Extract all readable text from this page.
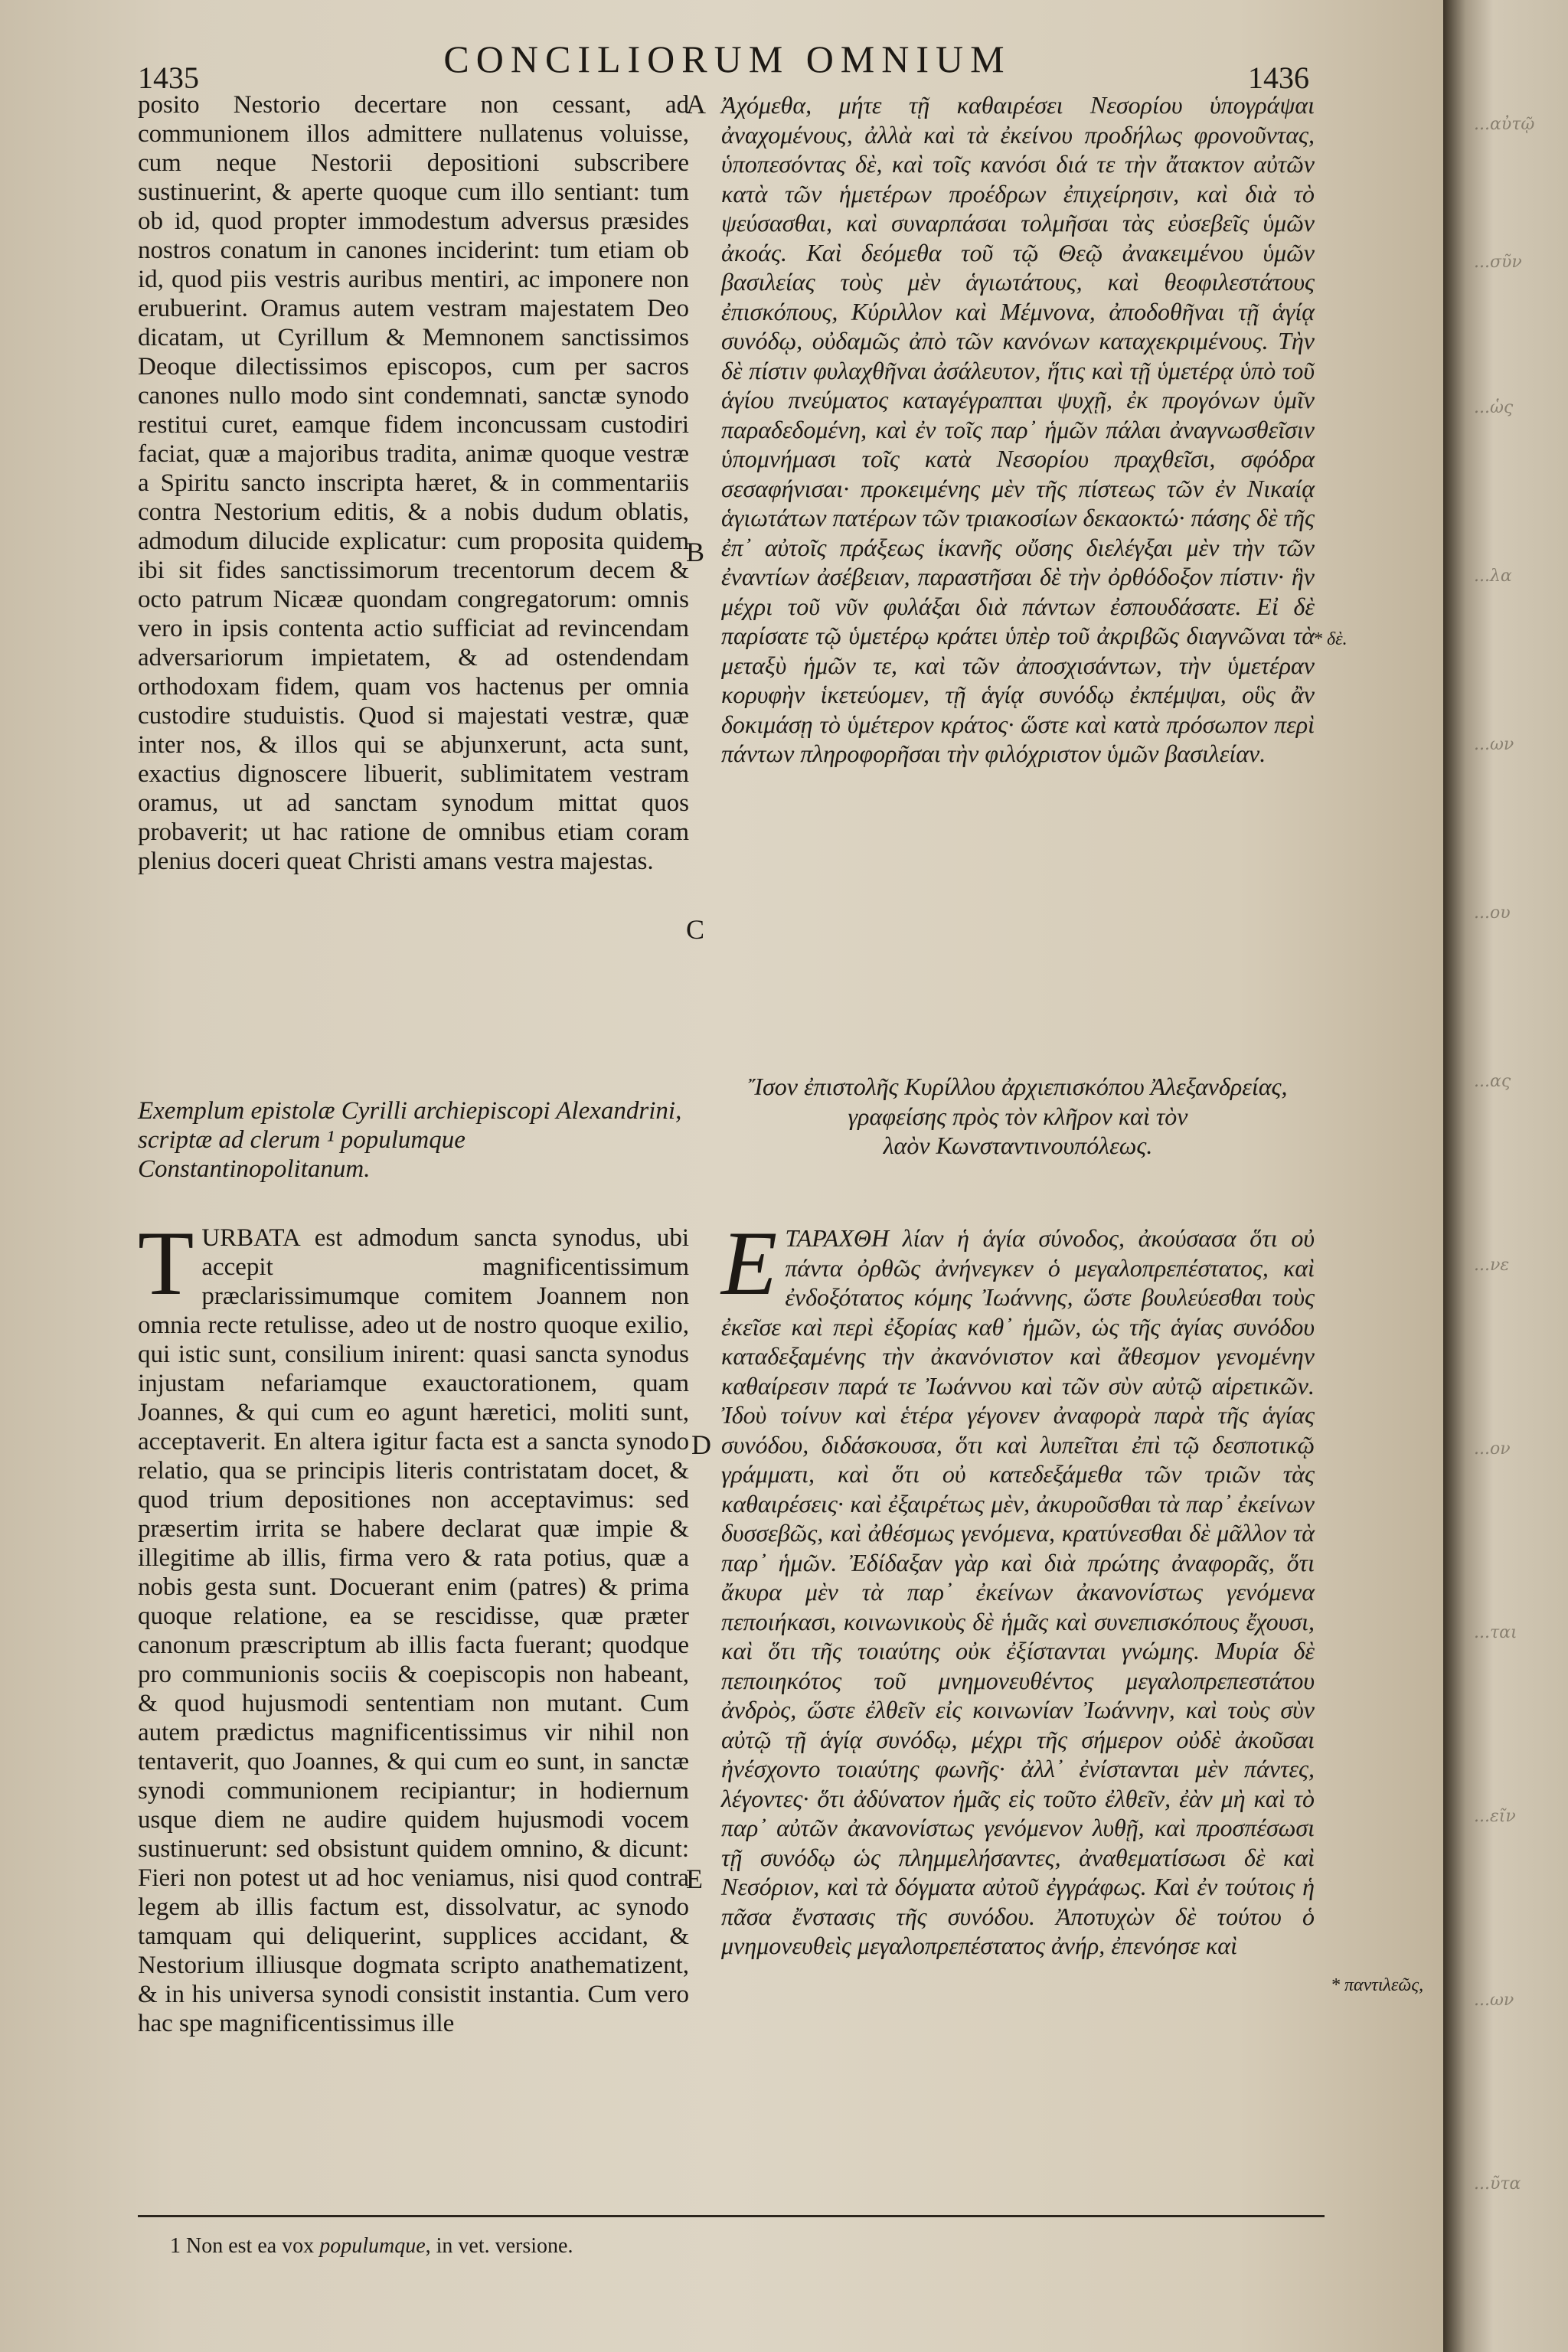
1435	CONCILIORUM OMNIUM	1436

posito Nestorio decertare non cessant, ad communionem illos admittere nullatenus voluisse, cum neque Nestorii depositioni subscribere sustinuerint, & aperte quoque cum illo sentiant: tum ob id, quod propter immodestum adversus præsides nostros conatum in canones inciderint: tum etiam ob id, quod piis vestris auribus mentiri, ac imponere non erubuerint. Oramus autem vestram majestatem Deo dicatam, ut Cyrillum & Memnonem sanctissimos Deoque dilectissimos episcopos, cum per sacros canones nullo modo sint condemnati, sanctæ synodo restitui curet, eamque fidem inconcussam custodiri faciat, quæ a majoribus tradita, animæ quoque vestræ a Spiritu sancto inscripta hæret, & in commentariis contra Nestorium editis, & a nobis dudum oblatis, admodum dilucide explicatur: cum proposita quidem ibi sit fides sanctissimorum trecentorum decem & octo patrum Nicææ quondam congregatorum: omnis vero in ipsis contenta actio sufficiat ad revincendam adversariorum impietatem, & ad ostendendam orthodoxam fidem, quam vos hactenus per omnia custodire studuistis. Quod si majestati vestræ, quæ inter nos, & illos qui se abjunxerunt, acta sunt, exactius dignoscere libuerit, sublimitatem vestram oramus, ut ad sanctam synodum mittat quos probaverit; ut hac ratione de omnibus etiam coram plenius doceri queat Christi amans vestra majestas.

Exemplum epistolæ Cyrilli archiepiscopi Alexandrini, scriptæ ad clerum ¹ populumque Constantinopolitanum.

T URBATA est admodum sancta synodus, ubi accepit magnificentissimum præclarissimumque comitem Joannem non omnia recte retulisse, adeo ut de nostro quoque exilio, qui istic sunt, consilium inirent: quasi sancta synodus injustam nefariamque exauctorationem, quam Joannes, & qui cum eo agunt hæretici, moliti sunt, acceptaverit. En altera igitur facta est a sancta synodo relatio, qua se principis literis contristatam docet, & quod trium depositiones non acceptavimus: sed præsertim irrita se habere declarat quæ impie & illegitime ab illis, firma vero & rata potius, quæ a nobis gesta sunt. Docuerant enim (patres) & prima quoque relatione, ea se rescidisse, quæ præter canonum præscriptum ab illis facta fuerant; quodque pro communionis sociis & coepiscopis non habeant, & quod hujusmodi sententiam non mutant. Cum autem prædictus magnificentissimus vir nihil non tentaverit, quo Joannes, & qui cum eo sunt, in sanctæ synodi communionem recipiantur; in hodiernum usque diem ne audire quidem hujusmodi vocem sustinuerunt: sed obsistunt quidem omnino, & dicunt: Fieri non potest ut ad hoc veniamus, nisi quod contra legem ab illis factum est, dissolvatur, ac synodo tamquam qui deliquerint, supplices accidant, & Nestorium illiusque dogmata scripto anathematizent, & in his universa synodi consistit instantia. Cum vero hac spe magnificentissimus ille

Ἀχόμεθα, μήτε τῇ καθαιρέσει Νεσορίου ὑπογράψαι ἀναχομένους, ἀλλὰ καὶ τὰ ἐκείνου προδήλως φρονοῦντας, ὑποπεσόντας δὲ, καὶ τοῖς κανόσι διά τε τὴν ἄτακτον αὐτῶν κατὰ τῶν ἡμετέρων προέδρων ἐπιχείρησιν, καὶ διὰ τὸ ψεύσασθαι, καὶ συναρπάσαι τολμῆσαι τὰς εὐσεβεῖς ὑμῶν ἀκοάς. Καὶ δεόμεθα τοῦ τῷ Θεῷ ἀνακειμένου ὑμῶν βασιλείας τοὺς μὲν ἁγιωτάτους, καὶ θεοφιλεστάτους ἐπισκόπους, Κύριλλον καὶ Μέμνονα, ἀποδοθῆναι τῇ ἁγίᾳ συνόδῳ, οὐδαμῶς ἀπὸ τῶν κανόνων καταχεκριμένους. Τὴν δὲ πίστιν φυλαχθῆναι ἀσάλευτον, ἥτις καὶ τῇ ὑμετέρᾳ ὑπὸ τοῦ ἁγίου πνεύματος καταγέγραπται ψυχῇ, ἐκ προγόνων ὑμῖν παραδεδομένη, καὶ ἐν τοῖς παρ᾽ ἡμῶν πάλαι ἀναγνωσθεῖσιν ὑπομνήμασι τοῖς κατὰ Νεσορίου πραχθεῖσι, σφόδρα σεσαφήνισαι· προκειμένης μὲν τῆς πίστεως τῶν ἐν Νικαίᾳ ἁγιωτάτων πατέρων τῶν τριακοσίων δεκαοκτώ· πάσης δὲ τῆς ἐπ᾽ αὐτοῖς πράξεως ἱκανῆς οὔσης διελέγξαι μὲν τὴν τῶν ἐναντίων ἀσέβειαν, παραστῆσαι δὲ τὴν ὀρθόδοξον πίστιν· ἣν μέχρι τοῦ νῦν φυλάξαι διὰ πάντων ἐσπουδάσατε. Εἰ δὲ παρίσατε τῷ ὑμετέρῳ κράτει ὑπὲρ τοῦ ἀκριβῶς διαγνῶναι τὰ μεταξὺ ἡμῶν τε, καὶ τῶν ἀποσχισάντων, τὴν ὑμετέραν κορυφὴν ἱκετεύομεν, τῇ ἁγίᾳ συνόδῳ ἐκπέμψαι, οὓς ἂν δοκιμάσῃ τὸ ὑμέτερον κράτος· ὥστε καὶ κατὰ πρόσωπον περὶ πάντων πληροφορῆσαι τὴν φιλόχριστον ὑμῶν βασιλείαν.

Ἴσον ἐπιστολῆς Κυρίλλου ἀρχιεπισκόπου Ἀλεξανδρείας, γραφείσης πρὸς τὸν κλῆρον καὶ τὸν

λαὸν Κωνσταντινουπόλεως.

Ε ΤΑΡΑΧΘΗ λίαν ἡ ἁγία σύνοδος, ἀκούσασα ὅτι οὐ πάντα ὀρθῶς ἀνήνεγκεν ὁ μεγαλοπρεπέστατος, καὶ ἐνδοξότατος κόμης Ἰωάννης, ὥστε βουλεύεσθαι τοὺς ἐκεῖσε καὶ περὶ ἐξορίας καθ᾽ ἡμῶν, ὡς τῆς ἁγίας συνόδου καταδεξαμένης τὴν ἀκανόνιστον καὶ ἄθεσμον γενομένην καθαίρεσιν παρά τε Ἰωάννου καὶ τῶν σὺν αὐτῷ αἱρετικῶν. Ἰδοὺ τοίνυν καὶ ἑτέρα γέγονεν ἀναφορὰ παρὰ τῆς ἁγίας συνόδου, διδάσκουσα, ὅτι καὶ λυπεῖται ἐπὶ τῷ δεσποτικῷ γράμματι, καὶ ὅτι οὐ κατεδεξάμεθα τῶν τριῶν τὰς καθαιρέσεις· καὶ ἐξαιρέτως μὲν, ἀκυροῦσθαι τὰ παρ᾽ ἐκείνων δυσσεβῶς, καὶ ἀθέσμως γενόμενα, κρατύνεσθαι δὲ μᾶλλον τὰ παρ᾽ ἡμῶν. Ἐδίδαξαν γὰρ καὶ διὰ πρώτης ἀναφορᾶς, ὅτι ἄκυρα μὲν τὰ παρ᾽ ἐκείνων ἀκανονίστως γενόμενα πεποιήκασι, κοινωνικοὺς δὲ ἡμᾶς καὶ συνεπισκόπους ἔχουσι, καὶ ὅτι τῆς τοιαύτης οὐκ ἐξίστανται γνώμης. Μυρία δὲ πεποιηκότος τοῦ μνημονευθέντος μεγαλοπρεπεστάτου ἀνδρὸς, ὥστε ἐλθεῖν εἰς κοινωνίαν Ἰωάννην, καὶ τοὺς σὺν αὐτῷ τῇ ἁγίᾳ συνόδῳ, μέχρι τῆς σήμερον οὐδὲ ἀκοῦσαι ἠνέσχοντο τοιαύτης φωνῆς· ἀλλ᾽ ἐνίστανται μὲν πάντες, λέγοντες· ὅτι ἀδύνατον ἡμᾶς εἰς τοῦτο ἐλθεῖν, ἐὰν μὴ καὶ τὸ παρ᾽ αὐτῶν ἀκανονίστως γενόμενον λυθῇ, καὶ προσπέσωσι τῇ συνόδῳ ὡς πλημμελήσαντες, ἀναθεματίσωσι δὲ καὶ Νεσόριον, καὶ τὰ δόγματα αὐτοῦ ἐγγράφως. Καὶ ἐν τούτοις ἡ πᾶσα ἔνστασις τῆς συνόδου. Ἀποτυχὼν δὲ τούτου ὁ μνημονευθεὶς μεγαλοπρεπέστατος ἀνήρ, ἐπενόησε καὶ

A
B
C
D
E
* δὲ.
* παντιλεῶς,
1 Non est ea vox populumque, in vet. versione.
...αὐτῷ
...σῦν
...ὡς
...λα
...ων
...ου
...ας
...νε
...ον
...ται
...εῖν
...ων
...ῦτα
